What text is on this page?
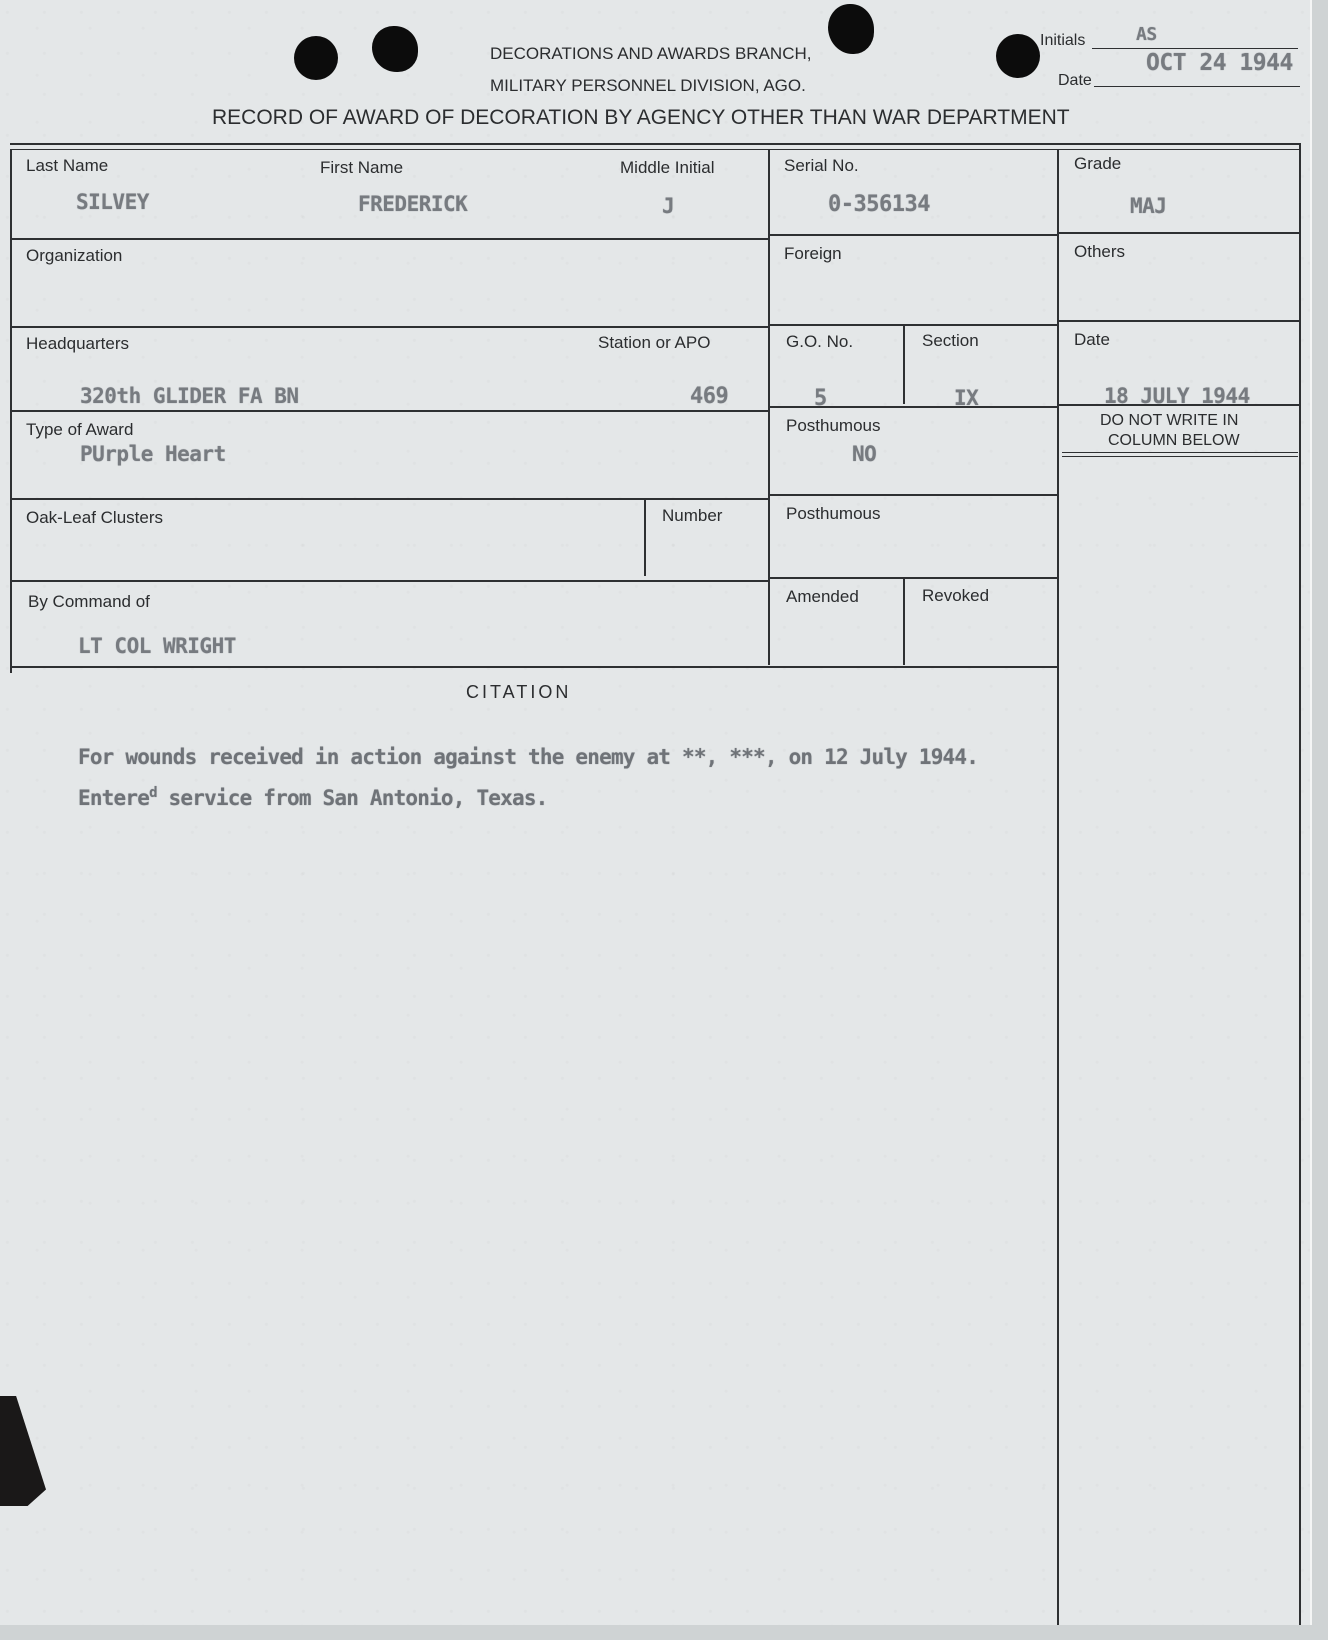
DECORATIONS AND AWARDS BRANCH,
MILITARY PERSONNEL DIVISION, AGO.
RECORD OF AWARD OF DECORATION BY AGENCY OTHER THAN WAR DEPARTMENT
Initials	AS
Date
OCT 24 1944
Last Name
SILVEY
First Name
FREDERICK
Middle Initial
J
Serial No.
0-356134
Grade
MAJ
Organization	Foreign	Others
Headquarters
320th GLIDER FA BN
Station or APO
469
G.O. No.
5
Section
IX
Date
18 JULY 1944
Type of Award
PUrple Heart
Posthumous
NO
DO NOT WRITE IN
COLUMN BELOW
Oak-Leaf Clusters	Number	Posthumous
By Command of
LT COL WRIGHT
Amended	Revoked
CITATION

For wounds received in action against the enemy at **, ***, on 12 July 1944.

Entere$^d$ service from San Antonio, Texas.
